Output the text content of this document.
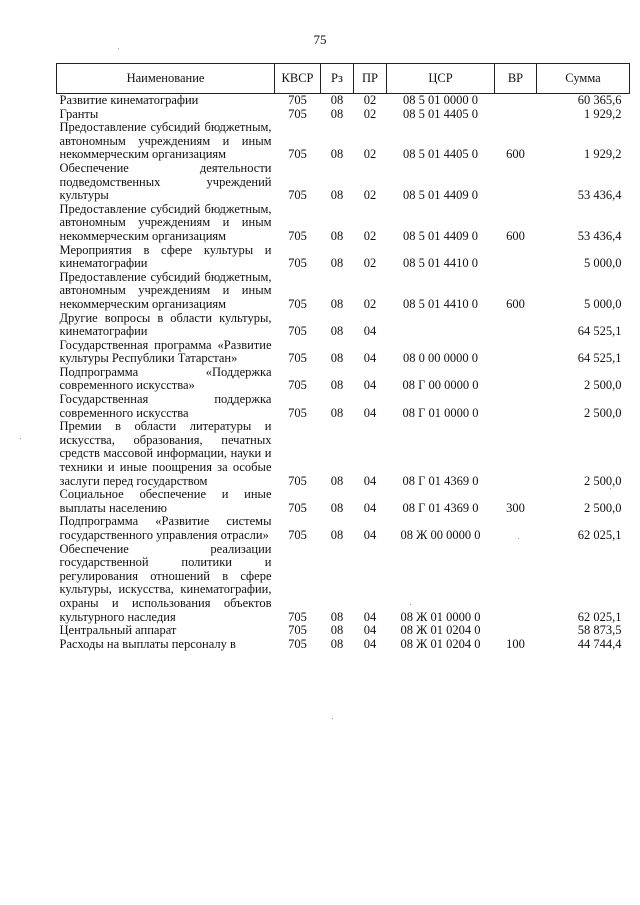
75
Наименование	КВСР	Рз	ПР	ЦСР	ВР	Сумма
Развитие кинематографии	705	08	02	08 5 01 0000 0		60 365,6
Гранты	705	08	02	08 5 01 4405 0		1 929,2
Предоставление субсидий бюджетным, автономным учреждениям и иным некоммерческим организациям	705	08	02	08 5 01 4405 0	600	1 929,2
Обеспечение деятельности подведомственных учреждений культуры	705	08	02	08 5 01 4409 0		53 436,4
Предоставление субсидий бюджетным, автономным учреждениям и иным некоммерческим организациям	705	08	02	08 5 01 4409 0	600	53 436,4
Мероприятия в сфере культуры и кинематографии	705	08	02	08 5 01 4410 0		5 000,0
Предоставление субсидий бюджетным, автономным учреждениям и иным некоммерческим организациям	705	08	02	08 5 01 4410 0	600	5 000,0
Другие вопросы в области культуры, кинематографии	705	08	04			64 525,1
Государственная программа «Развитие культуры Республики Татарстан»	705	08	04	08 0 00 0000 0		64 525,1
Подпрограмма «Поддержка современного искусства»	705	08	04	08 Г 00 0000 0		2 500,0
Государственная поддержка современного искусства	705	08	04	08 Г 01 0000 0		2 500,0
Премии в области литературы и искусства, образования, печатных средств массовой информации, науки и техники и иные поощрения за особые заслуги перед государством	705	08	04	08 Г 01 4369 0		2 500,0
Социальное обеспечение и иные выплаты населению	705	08	04	08 Г 01 4369 0	300	2 500,0
Подпрограмма «Развитие системы государственного управления отрасли»	705	08	04	08 Ж 00 0000 0		62 025,1
Обеспечение реализации государственной политики и регулирования отношений в сфере культуры, искусства, кинематографии, охраны и использования объектов культурного наследия	705	08	04	08 Ж 01 0000 0		62 025,1
Центральный аппарат	705	08	04	08 Ж 01 0204 0		58 873,5
Расходы на выплаты персоналу в	705	08	04	08 Ж 01 0204 0	100	44 744,4
